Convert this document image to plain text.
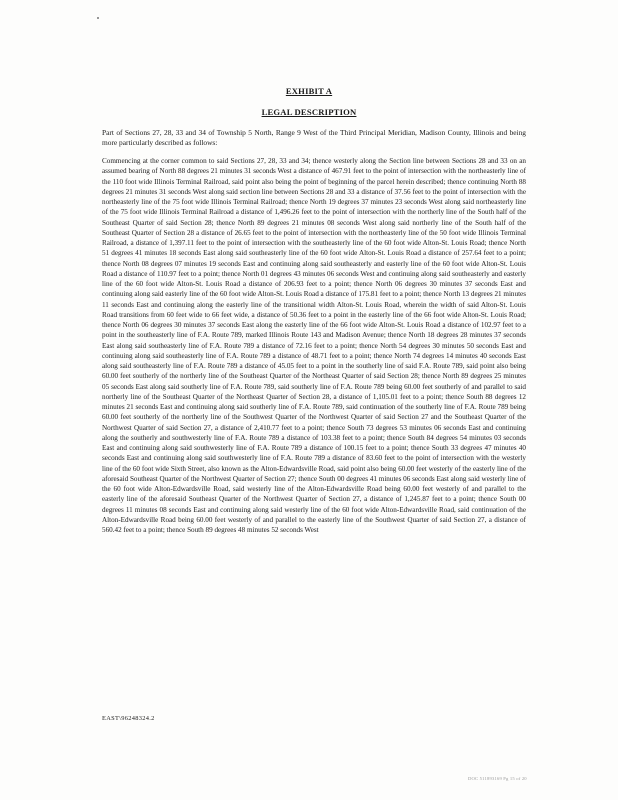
EXHIBIT A
LEGAL DESCRIPTION

Part of Sections 27, 28, 33 and 34 of Township 5 North, Range 9 West of the Third Principal Meridian, Madison County, Illinois and being more particularly described as follows:

Commencing at the corner common to said Sections 27, 28, 33 and 34; thence westerly along the Section line between Sections 28 and 33 on an assumed bearing of North 88 degrees 21 minutes 31 seconds West a distance of 467.91 feet to the point of intersection with the northeasterly line of the 110 foot wide Illinois Terminal Railroad, said point also being the point of beginning of the parcel herein described; thence continuing North 88 degrees 21 minutes 31 seconds West along said section line between Sections 28 and 33 a distance of 37.56 feet to the point of intersection with the northeasterly line of the 75 foot wide Illinois Terminal Railroad; thence North 19 degrees 37 minutes 23 seconds West along said northeasterly line of the 75 foot wide Illinois Terminal Railroad a distance of 1,496.26 feet to the point of intersection with the northerly line of the South half of the Southeast Quarter of said Section 28; thence North 89 degrees 21 minutes 08 seconds West along said northerly line of the South half of the Southeast Quarter of Section 28 a distance of 26.65 feet to the point of intersection with the northeasterly line of the 50 foot wide Illinois Terminal Railroad, a distance of 1,397.11 feet to the point of intersection with the southeasterly line of the 60 foot wide Alton-St. Louis Road; thence North 51 degrees 41 minutes 18 seconds East along said southeasterly line of the 60 foot wide Alton-St. Louis Road a distance of 257.64 feet to a point; thence North 08 degrees 07 minutes 19 seconds East and continuing along said southeasterly and easterly line of the 60 foot wide Alton-St. Louis Road a distance of 110.97 feet to a point; thence North 01 degrees 43 minutes 06 seconds West and continuing along said southeasterly and easterly line of the 60 foot wide Alton-St. Louis Road a distance of 206.93 feet to a point; thence North 06 degrees 30 minutes 37 seconds East and continuing along said easterly line of the 60 foot wide Alton-St. Louis Road a distance of 175.81 feet to a point; thence North 13 degrees 21 minutes 11 seconds East and continuing along the easterly line of the transitional width Alton-St. Louis Road, wherein the width of said Alton-St. Louis Road transitions from 60 feet wide to 66 feet wide, a distance of 50.36 feet to a point in the easterly line of the 66 foot wide Alton-St. Louis Road; thence North 06 degrees 30 minutes 37 seconds East along the easterly line of the 66 foot wide Alton-St. Louis Road a distance of 102.97 feet to a point in the southeasterly line of F.A. Route 789, marked Illinois Route 143 and Madison Avenue; thence North 18 degrees 28 minutes 37 seconds East along said southeasterly line of F.A. Route 789 a distance of 72.16 feet to a point; thence North 54 degrees 30 minutes 50 seconds East and continuing along said southeasterly line of F.A. Route 789 a distance of 48.71 feet to a point; thence North 74 degrees 14 minutes 40 seconds East along said southeasterly line of F.A. Route 789 a distance of 45.05 feet to a point in the southerly line of said F.A. Route 789, said point also being 60.00 feet southerly of the northerly line of the Southeast Quarter of the Northeast Quarter of said Section 28; thence North 89 degrees 25 minutes 05 seconds East along said southerly line of F.A. Route 789, said southerly line of F.A. Route 789 being 60.00 feet southerly of and parallel to said northerly line of the Southeast Quarter of the Northeast Quarter of Section 28, a distance of 1,105.01 feet to a point; thence South 88 degrees 12 minutes 21 seconds East and continuing along said southerly line of F.A. Route 789, said continuation of the southerly line of F.A. Route 789 being 60.00 feet southerly of the northerly line of the Southwest Quarter of the Northwest Quarter of said Section 27 and the Southeast Quarter of the Northwest Quarter of said Section 27, a distance of 2,410.77 feet to a point; thence South 73 degrees 53 minutes 06 seconds East and continuing along the southerly and southwesterly line of F.A. Route 789 a distance of 103.38 feet to a point; thence South 84 degrees 54 minutes 03 seconds East and continuing along said southwesterly line of F.A. Route 789 a distance of 100.15 feet to a point; thence South 33 degrees 47 minutes 40 seconds East and continuing along said southwesterly line of F.A. Route 789 a distance of 83.60 feet to the point of intersection with the westerly line of the 60 foot wide Sixth Street, also known as the Alton-Edwardsville Road, said point also being 60.00 feet westerly of the easterly line of the aforesaid Southeast Quarter of the Northwest Quarter of Section 27; thence South 00 degrees 41 minutes 06 seconds East along said westerly line of the 60 foot wide Alton-Edwardsville Road, said westerly line of the Alton-Edwardsville Road being 60.00 feet westerly of and parallel to the easterly line of the aforesaid Southeast Quarter of the Northwest Quarter of Section 27, a distance of 1,245.87 feet to a point; thence South 00 degrees 11 minutes 08 seconds East and continuing along said westerly line of the 60 foot wide Alton-Edwardsville Road, said continuation of the Alton-Edwardsville Road being 60.00 feet westerly of and parallel to the easterly line of the Southwest Quarter of said Section 27, a distance of 560.42 feet to a point; thence South 89 degrees 48 minutes 52 seconds West

EAST\96248324.2
DOC 511893169 Pg 15 of 20
